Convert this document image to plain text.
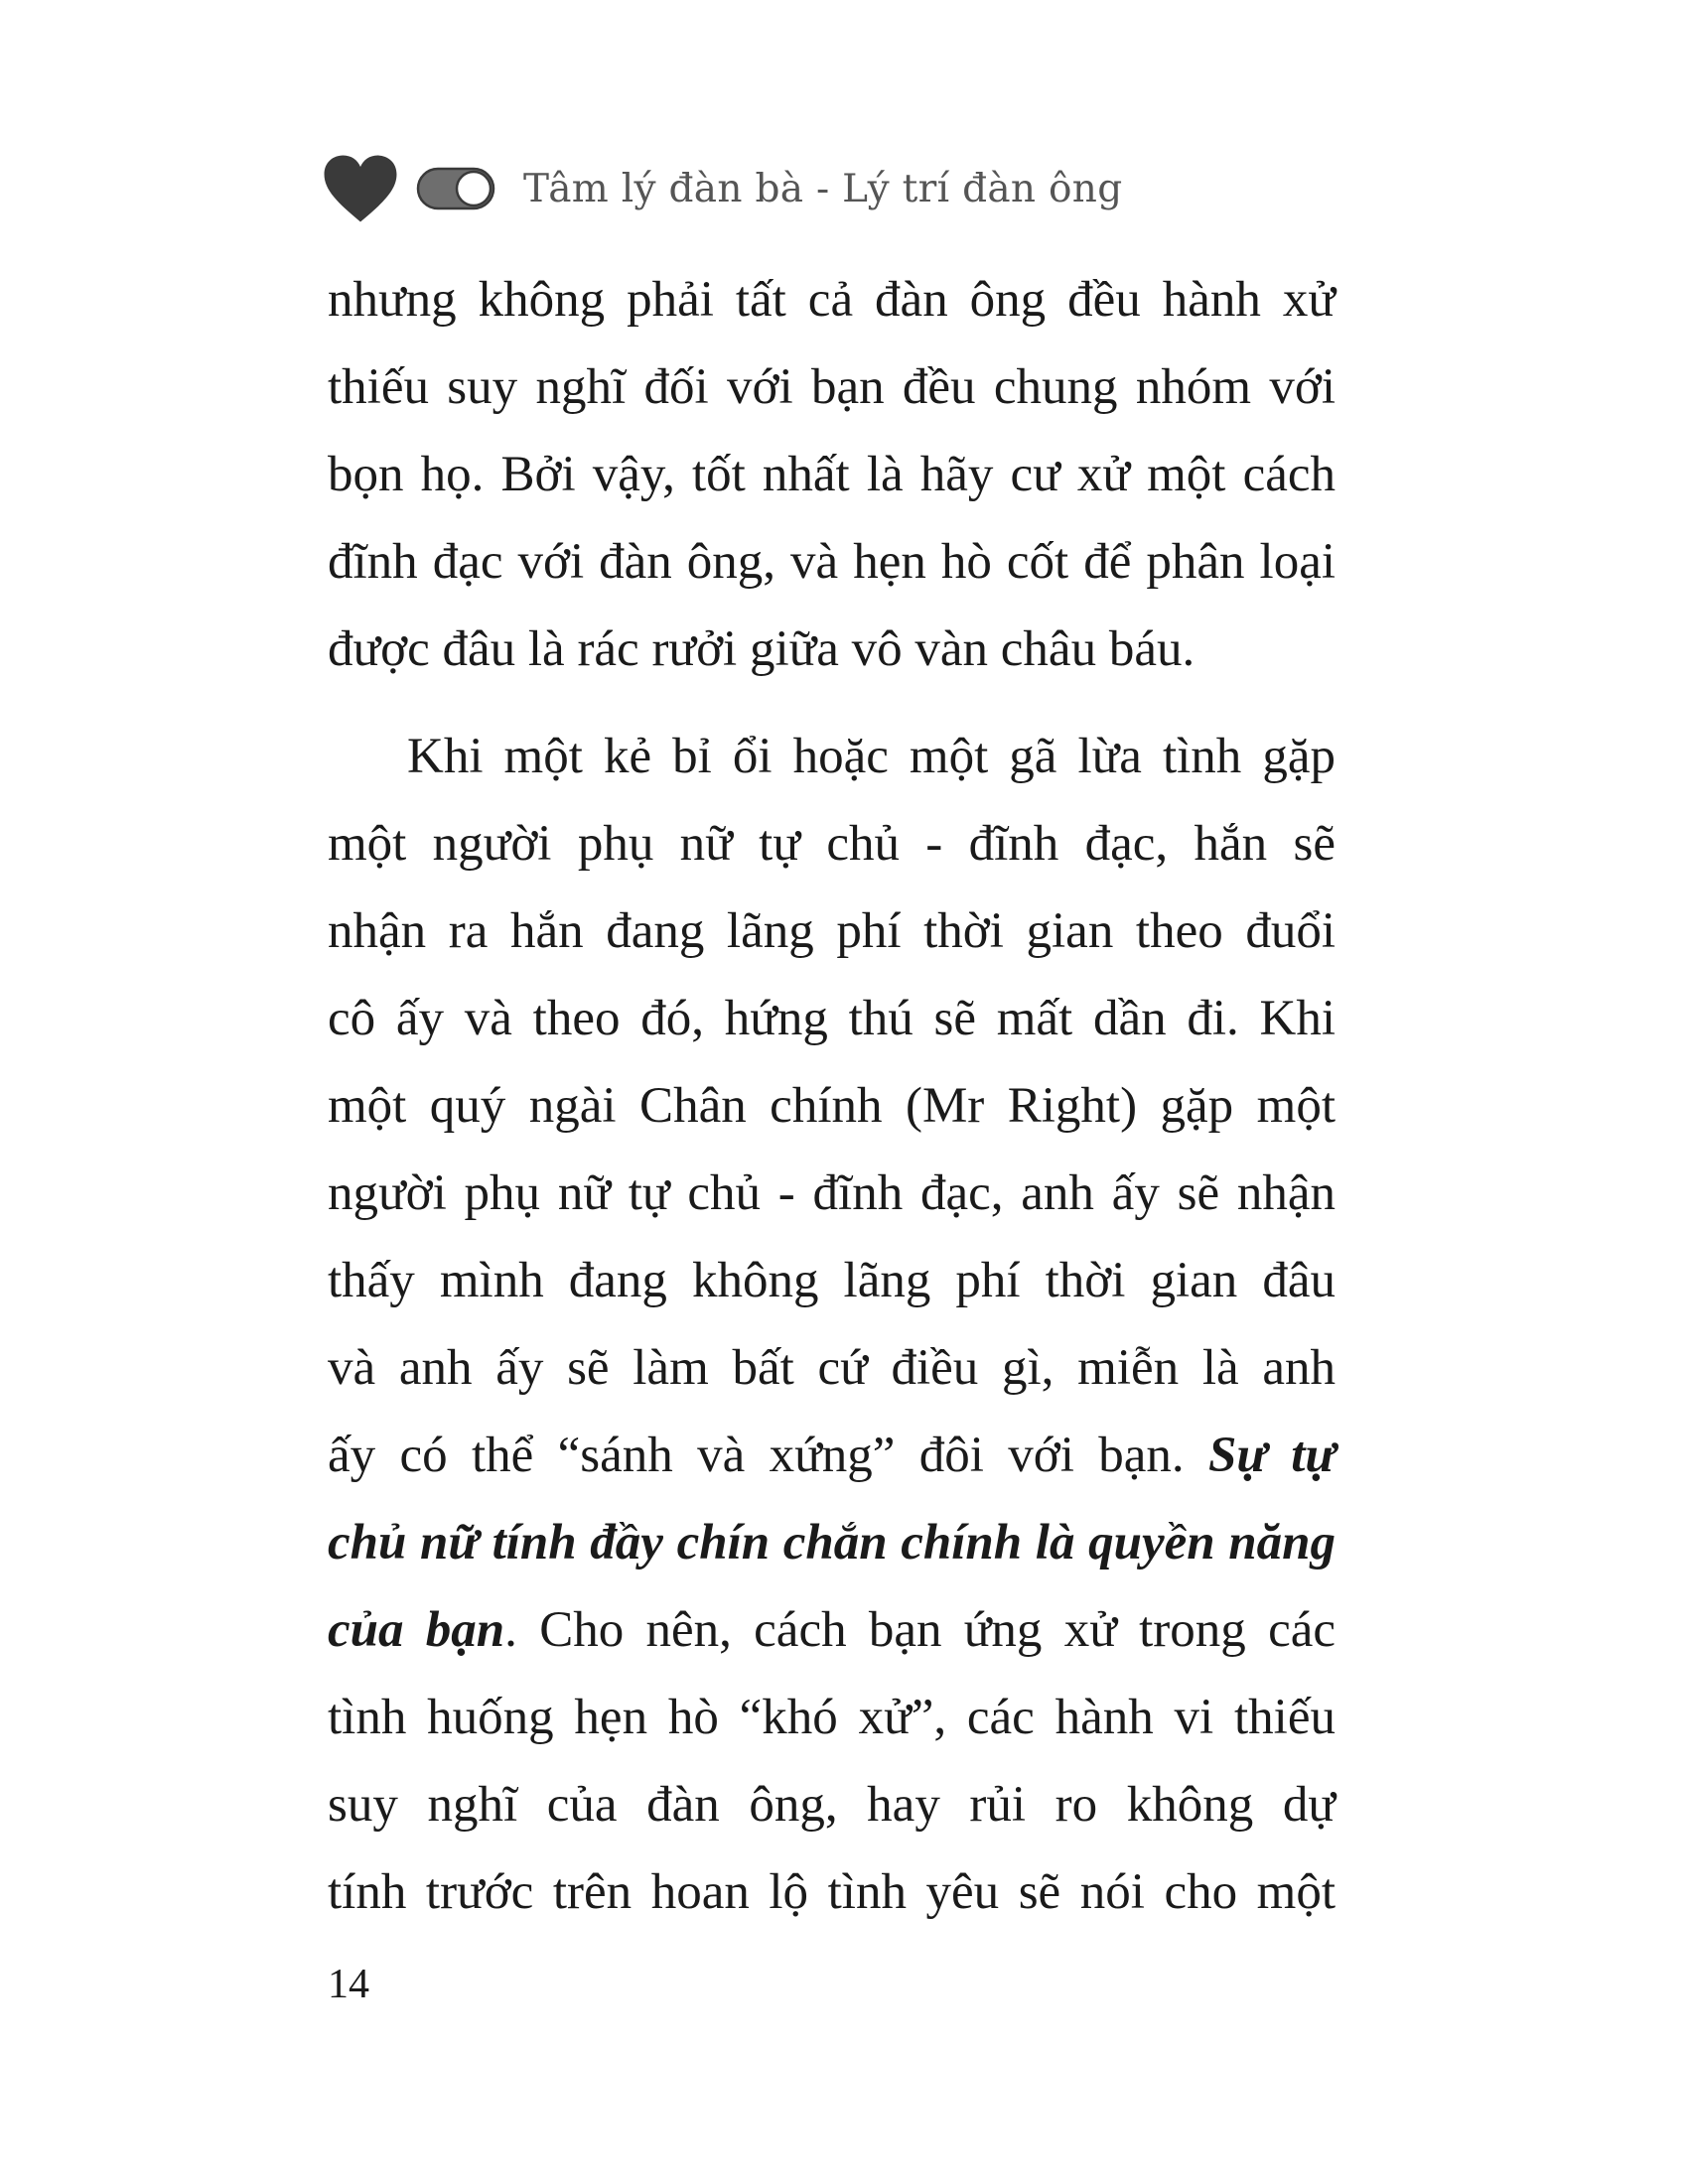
Tâm lý đàn bà - Lý trí đàn ông
nhưng không phải tất cả đàn ông đều hành xử
thiếu suy nghĩ đối với bạn đều chung nhóm với
bọn họ. Bởi vậy, tốt nhất là hãy cư xử một cách
đĩnh đạc với đàn ông, và hẹn hò cốt để phân loại
được đâu là rác rưởi giữa vô vàn châu báu.
Khi một kẻ bỉ ổi hoặc một gã lừa tình gặp
một người phụ nữ tự chủ - đĩnh đạc, hắn sẽ
nhận ra hắn đang lãng phí thời gian theo đuổi
cô ấy và theo đó, hứng thú sẽ mất dần đi. Khi
một quý ngài Chân chính (Mr Right) gặp một
người phụ nữ tự chủ - đĩnh đạc, anh ấy sẽ nhận
thấy mình đang không lãng phí thời gian đâu
và anh ấy sẽ làm bất cứ điều gì, miễn là anh
ấy có thể “sánh và xứng” đôi với bạn. Sự tự
chủ nữ tính đầy chín chắn chính là quyền năng
của bạn. Cho nên, cách bạn ứng xử trong các
tình huống hẹn hò “khó xử”, các hành vi thiếu
suy nghĩ của đàn ông, hay rủi ro không dự
tính trước trên hoan lộ tình yêu sẽ nói cho một
14
